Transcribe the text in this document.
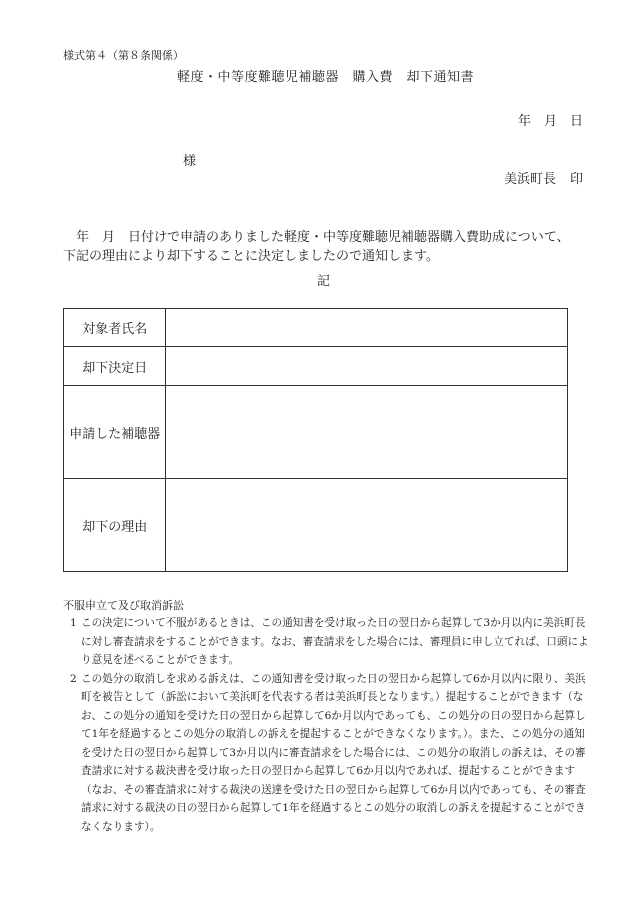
様式第４（第８条関係）
軽度・中等度難聴児補聴器　購入費　却下通知書
年　月　日
様
美浜町長 印

　年　月　日付けで申請のありました軽度・中等度難聴児補聴器購入費助成について、

下記の理由により却下することに決定しましたので通知します。

記
対象者氏名	
却下決定日	
申請した補聴器	
却下の理由	
不服申立て及び取消訴訟

1 この決定について不服があるときは、この通知書を受け取った日の翌日から起算して3か月以内に美浜町長に対し審査請求をすることができます。なお、審査請求をした場合には、審理員に申し立てれば、口頭により意見を述べることができます。

2 この処分の取消しを求める訴えは、この通知書を受け取った日の翌日から起算して6か月以内に限り、美浜町を被告として（訴訟において美浜町を代表する者は美浜町長となります。）提起することができます（なお、この処分の通知を受けた日の翌日から起算して6か月以内であっても、この処分の日の翌日から起算して1年を経過するとこの処分の取消しの訴えを提起することができなくなります。）。また、この処分の通知を受けた日の翌日から起算して3か月以内に審査請求をした場合には、この処分の取消しの訴えは、その審査請求に対する裁決書を受け取った日の翌日から起算して6か月以内であれば、提起することができます（なお、その審査請求に対する裁決の送達を受けた日の翌日から起算して6か月以内であっても、その審査請求に対する裁決の日の翌日から起算して1年を経過するとこの処分の取消しの訴えを提起することができなくなります）。
